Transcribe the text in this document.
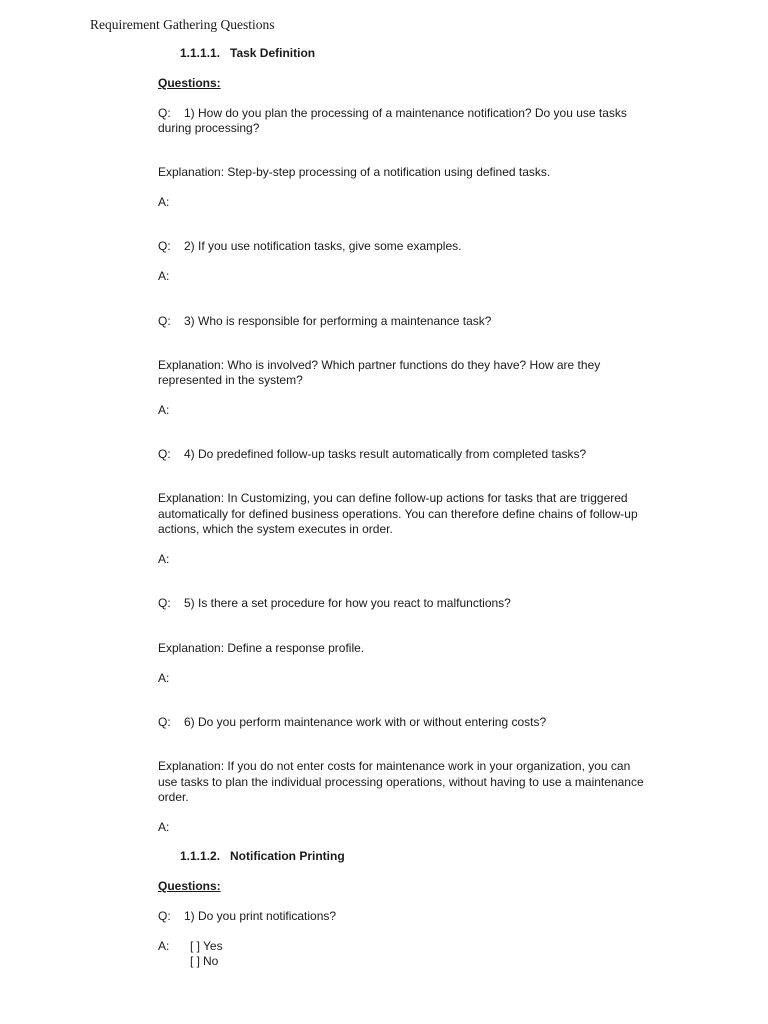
Requirement Gathering Questions

1.1.1.1. Task Definition

Questions:

Q: 1) How do you plan the processing of a maintenance notification? Do you use tasks

during processing?

Explanation: Step-by-step processing of a notification using defined tasks.

A:

Q: 2) If you use notification tasks, give some examples.

A:

Q: 3) Who is responsible for performing a maintenance task?

Explanation: Who is involved? Which partner functions do they have? How are they

represented in the system?

A:

Q: 4) Do predefined follow-up tasks result automatically from completed tasks?

Explanation: In Customizing, you can define follow-up actions for tasks that are triggered

automatically for defined business operations. You can therefore define chains of follow-up

actions, which the system executes in order.

A:

Q: 5) Is there a set procedure for how you react to malfunctions?

Explanation: Define a response profile.

A:

Q: 6) Do you perform maintenance work with or without entering costs?

Explanation: If you do not enter costs for maintenance work in your organization, you can

use tasks to plan the individual processing operations, without having to use a maintenance

order.

A:

1.1.1.2. Notification Printing

Questions:

Q: 1) Do you print notifications?

A: [ ] Yes
[ ] No
